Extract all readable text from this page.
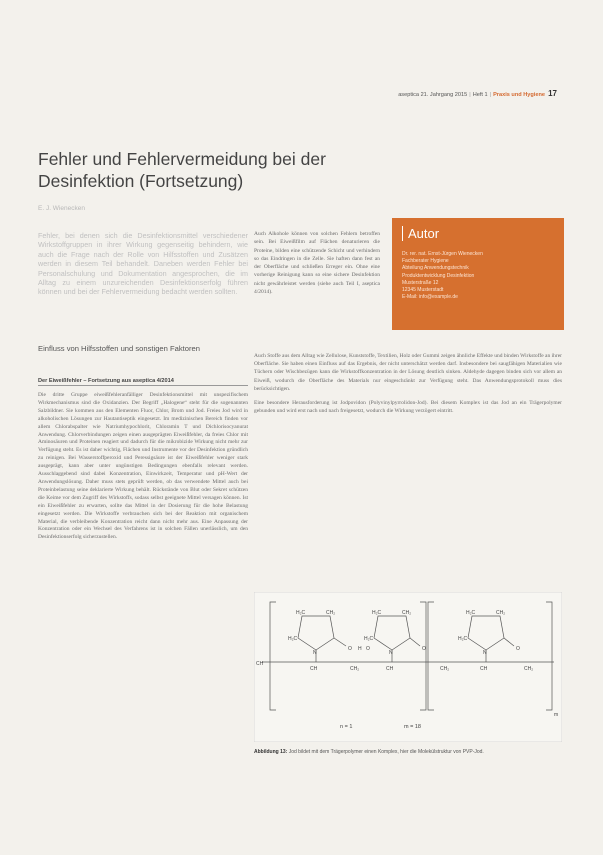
aseptica 21. Jahrgang 2015 | Heft 1 | Praxis und Hygiene 17
Fehler und Fehlervermeidung bei der Desinfektion (Fortsetzung)
E. J. Wienecken
Fehler, bei denen sich die Desinfektionsmittel verschiedener Wirkstoffgruppen in ihrer Wirkung gegenseitig behindern, wie auch die Frage nach der Rolle von Hilfsstoffen und Zusätzen werden in diesem Teil behandelt. Daneben werden Fehler bei Personalschulung und Dokumentation angesprochen, die im Alltag zu einem unzureichenden Desinfektionserfolg führen können und bei der Fehlervermeidung bedacht werden sollten.
Einfluss von Hilfsstoffen und sonstigen Faktoren
Der Eiweißfehler – Fortsetzung aus aseptica 4/2014

Die dritte Gruppe eiweißfehleranfälliger Desinfektionsmittel mit unspezifischem Wirkmechanismus sind die Oxidanzien. Der Begriff „Halogene“ steht für die sogenannten Salzbildner. Sie kommen aus den Elementen Fluor, Chlor, Brom und Jod. Freies Jod wird in alkoholischen Lösungen zur Hautantiseptik eingesetzt. Im medizinischen Bereich finden vor allem Chlorabspalter wie Natriumhypochlorit, Chloramin T und Dichlorisocyanurat Anwendung. Chlorverbindungen zeigen einen ausgeprägten Eiweißfehler, da freies Chlor mit Aminosäuren und Proteinen reagiert und dadurch für die mikrobizide Wirkung nicht mehr zur Verfügung steht. Es ist daher wichtig, Flächen und Instrumente vor der Desinfektion gründlich zu reinigen. Bei Wasserstoffperoxid und Peressigsäure ist der Eiweißfehler weniger stark ausgeprägt, kann aber unter ungünstigen Bedingungen ebenfalls relevant werden. Ausschlaggebend sind dabei Konzentration, Einwirkzeit, Temperatur und pH-Wert der Anwendungslösung. Daher muss stets geprüft werden, ob das verwendete Mittel auch bei Proteinbelastung seine deklarierte Wirkung behält. Rückstände von Blut oder Sekret schützen die Keime vor dem Zugriff des Wirkstoffs, sodass selbst geeignete Mittel versagen können. Ist ein Eiweißfehler zu erwarten, sollte das Mittel in der Dosierung für die hohe Belastung eingesetzt werden. Die Wirkstoffe verbrauchen sich bei der Reaktion mit organischem Material, die verbleibende Konzentration reicht dann nicht mehr aus. Eine Anpassung der Konzentration oder ein Wechsel des Verfahrens ist in solchen Fällen unerlässlich, um den Desinfektionserfolg sicherzustellen.

Auch Alkohole können von solchen Fehlern betroffen sein. Bei Eiweißfilm auf Flächen denaturieren die Proteine, bilden eine schützende Schicht und verhindern so das Eindringen in die Zelle. Sie haften dann fest an der Oberfläche und schließen Erreger ein. Ohne eine vorherige Reinigung kann so eine sichere Desinfektion nicht gewährleistet werden (siehe auch Teil I, aseptica 4/2014).
Autor
Dr. rer. nat. Ernst-Jürgen Wienecken
Fachberater Hygiene
Abteilung Anwendungstechnik
Produktentwicklung Desinfektion
Musterstraße 12
12345 Musterstadt
E-Mail: info@example.de

Auch Stoffe aus dem Alltag wie Zellulose, Kunststoffe, Textilien, Holz oder Gummi zeigen ähnliche Effekte und binden Wirkstoffe an ihrer Oberfläche. Sie haben einen Einfluss auf das Ergebnis, der nicht unterschätzt werden darf. Insbesondere bei saugfähigen Materialien wie Tüchern oder Wischbezügen kann die Wirkstoffkonzentration in der Lösung deutlich sinken. Aldehyde dagegen binden sich vor allem an Eiweiß, wodurch die Oberfläche des Materials nur eingeschränkt zur Verfügung steht. Das Anwendungsprotokoll muss dies berücksichtigen.

Eine besondere Herausforderung ist Jodpovidon (Polyvinylpyrrolidon-Jod). Bei diesem Komplex ist das Jod an ein Trägerpolymer gebunden und wird erst nach und nach freigesetzt, wodurch die Wirkung verzögert eintritt.

H₂C	CH₂
H₂C
N
H₂C	CH₂
H₂C
N
H₂C	CH₂
H₂C
N
O H O	O	O
CH
CH	CH₂	CH	CH₂	CH	CH₂
m
n = 1	m = 18
Abbildung 13: Jod bildet mit dem Trägerpolymer einen Komplex, hier die Molekülstruktur von PVP-Jod.
